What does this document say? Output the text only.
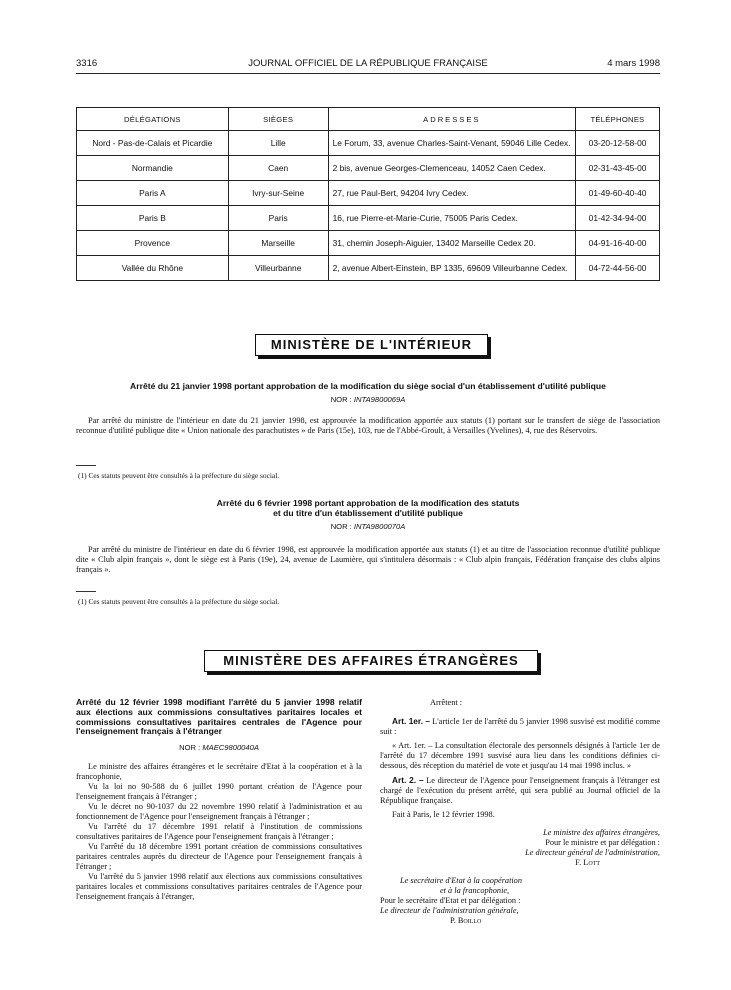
3316	JOURNAL OFFICIEL DE LA RÉPUBLIQUE FRANÇAISE	4 mars 1998
DÉLÉGATIONS	SIÈGES	ADRESSES	TÉLÉPHONES
Nord - Pas-de-Calais et Picardie	Lille	Le Forum, 33, avenue Charles-Saint-Venant, 59046 Lille Cedex.	03-20-12-58-00
Normandie	Caen	2 bis, avenue Georges-Clemenceau, 14052 Caen Cedex.	02-31-43-45-00
Paris A	Ivry-sur-Seine	27, rue Paul-Bert, 94204 Ivry Cedex.	01-49-60-40-40
Paris B	Paris	16, rue Pierre-et-Marie-Curie, 75005 Paris Cedex.	01-42-34-94-00
Provence	Marseille	31, chemin Joseph-Aiguier, 13402 Marseille Cedex 20.	04-91-16-40-00
Vallée du Rhône	Villeurbanne	2, avenue Albert-Einstein, BP 1335, 69609 Villeurbanne Cedex.	04-72-44-56-00
MINISTÈRE DE L'INTÉRIEUR
Arrêté du 21 janvier 1998 portant approbation de la modification du siège social d'un établissement d'utilité publique
NOR : INTA9800069A

Par arrêté du ministre de l'intérieur en date du 21 janvier 1998, est approuvée la modification apportée aux statuts (1) portant sur le transfert de siège de l'association reconnue d'utilité publique dite « Union nationale des parachutistes » de Paris (15e), 103, rue de l'Abbé-Groult, à Versailles (Yvelines), 4, rue des Réservoirs.

(1) Ces statuts peuvent être consultés à la préfecture du siège social.
Arrêté du 6 février 1998 portant approbation de la modification des statuts
et du titre d'un établissement d'utilité publique
NOR : INTA9800070A

Par arrêté du ministre de l'intérieur en date du 6 février 1998, est approuvée la modification apportée aux statuts (1) et au titre de l'association reconnue d'utilité publique dite « Club alpin français », dont le siège est à Paris (19e), 24, avenue de Laumière, qui s'intitulera désormais : « Club alpin français, Fédération française des clubs alpins français ».

(1) Ces statuts peuvent être consultés à la préfecture du siège social.
MINISTÈRE DES AFFAIRES ÉTRANGÈRES
Arrêté du 12 février 1998 modifiant l'arrêté du 5 janvier 1998 relatif aux élections aux commissions consultatives paritaires locales et commissions consultatives paritaires centrales de l'Agence pour l'enseignement français à l'étranger
NOR : MAEC9800040A

Le ministre des affaires étrangères et le secrétaire d'Etat à la coopération et à la francophonie,

Vu la loi no 90-588 du 6 juillet 1990 portant création de l'Agence pour l'enseignement français à l'étranger ;

Vu le décret no 90-1037 du 22 novembre 1990 relatif à l'administration et au fonctionnement de l'Agence pour l'enseignement français à l'étranger ;

Vu l'arrêté du 17 décembre 1991 relatif à l'institution de commissions consultatives paritaires de l'Agence pour l'enseignement français à l'étranger ;

Vu l'arrêté du 18 décembre 1991 portant création de commissions consultatives paritaires centrales auprès du directeur de l'Agence pour l'enseignement français à l'étranger ;

Vu l'arrêté du 5 janvier 1998 relatif aux élections aux commissions consultatives paritaires locales et commissions consultatives paritaires centrales de l'Agence pour l'enseignement français à l'étranger,

Arrêtent :

Art. 1er. – L'article 1er de l'arrêté du 5 janvier 1998 susvisé est modifié comme suit :

« Art. 1er. – La consultation électorale des personnels désignés à l'article 1er de l'arrêté du 17 décembre 1991 susvisé aura lieu dans les conditions définies ci-dessous, dès réception du matériel de vote et jusqu'au 14 mai 1998 inclus. »

Art. 2. – Le directeur de l'Agence pour l'enseignement français à l'étranger est chargé de l'exécution du présent arrêté, qui sera publié au Journal officiel de la République française.

Fait à Paris, le 12 février 1998.

Le ministre des affaires étrangères,
Pour le ministre et par délégation :
Le directeur général de l'administration,
F. Lott
Le secrétaire d'Etat à la coopération
et à la francophonie,
Pour le secrétaire d'Etat et par délégation :
Le directeur de l'administration générale,
P. Boillo
